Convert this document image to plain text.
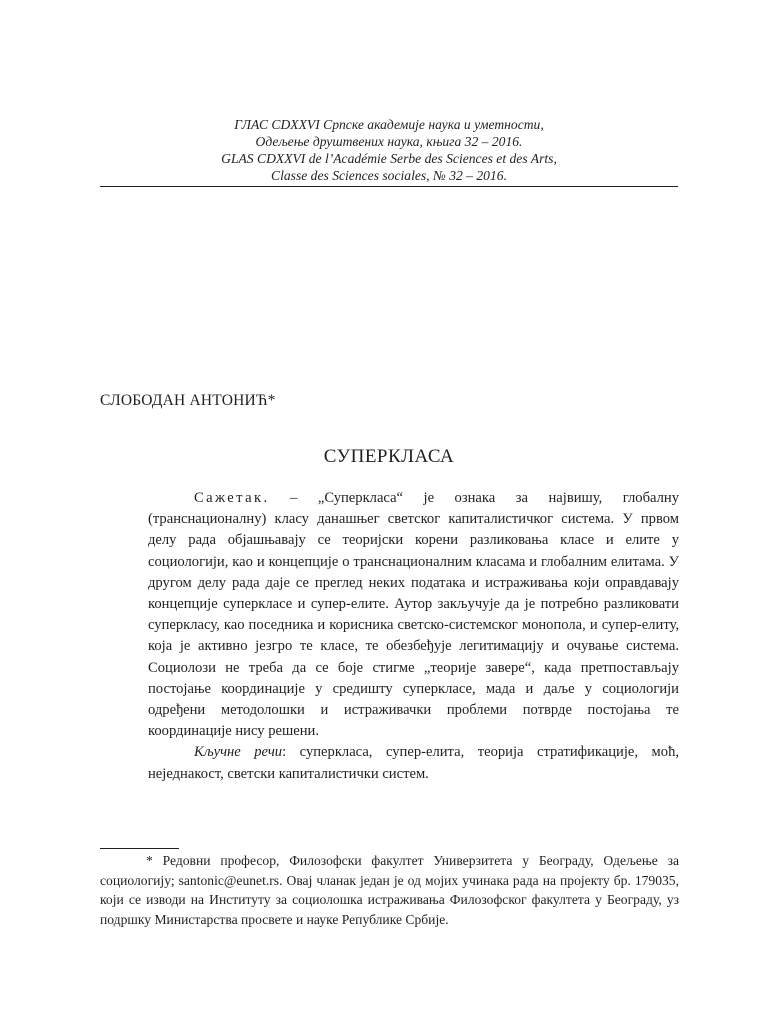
ГЛАС CDXXVI Српске академије наука и уметности,
Одељење друштвених наука, књига 32 – 2016.
GLAS CDXXVI de l’Académie Serbe des Sciences et des Arts,
Classe des Sciences sociales, № 32 – 2016.
СЛОБОДАН АНТОНИЋ*
СУПЕРКЛАСА

Сажетак. – „Суперкласа“ је ознака за највишу, глобалну (транснационалну) класу данашњег светског капиталистичког система. У првом делу рада објашњавају се теоријски корени разликовања класе и елите у социологији, као и концепције о транснационалним класама и глобалним елитама. У другом делу рада даје се преглед неких података и истраживања који оправдавају концепције суперкласе и супер-елите. Аутор закључује да је потребно разликовати суперкласу, као поседника и корисника светско-системског монопола, и супер-елиту, која је активно језгро те класе, те обезбеђује легитимацију и очување система. Социолози не треба да се боје стигме „теорије завере“, када претпостављају постојање координације у средишту суперкласе, мада и даље у социологији одређени методолошки и истраживачки проблеми потврде постојања те координације нису решени.

Кључне речи: суперкласа, супер-елита, теорија стратификације, моћ, неједнакост, светски капиталистички систем.

* Редовни професор, Филозофски факултет Универзитета у Београду, Одељење за социологију; santonic@eunet.rs. Овај чланак један је од мојих учинака рада на пројекту бр. 179035, који се изводи на Институту за социолошка истраживања Филозофског факултета у Београду, уз подршку Министарства просвете и науке Републике Србије.
